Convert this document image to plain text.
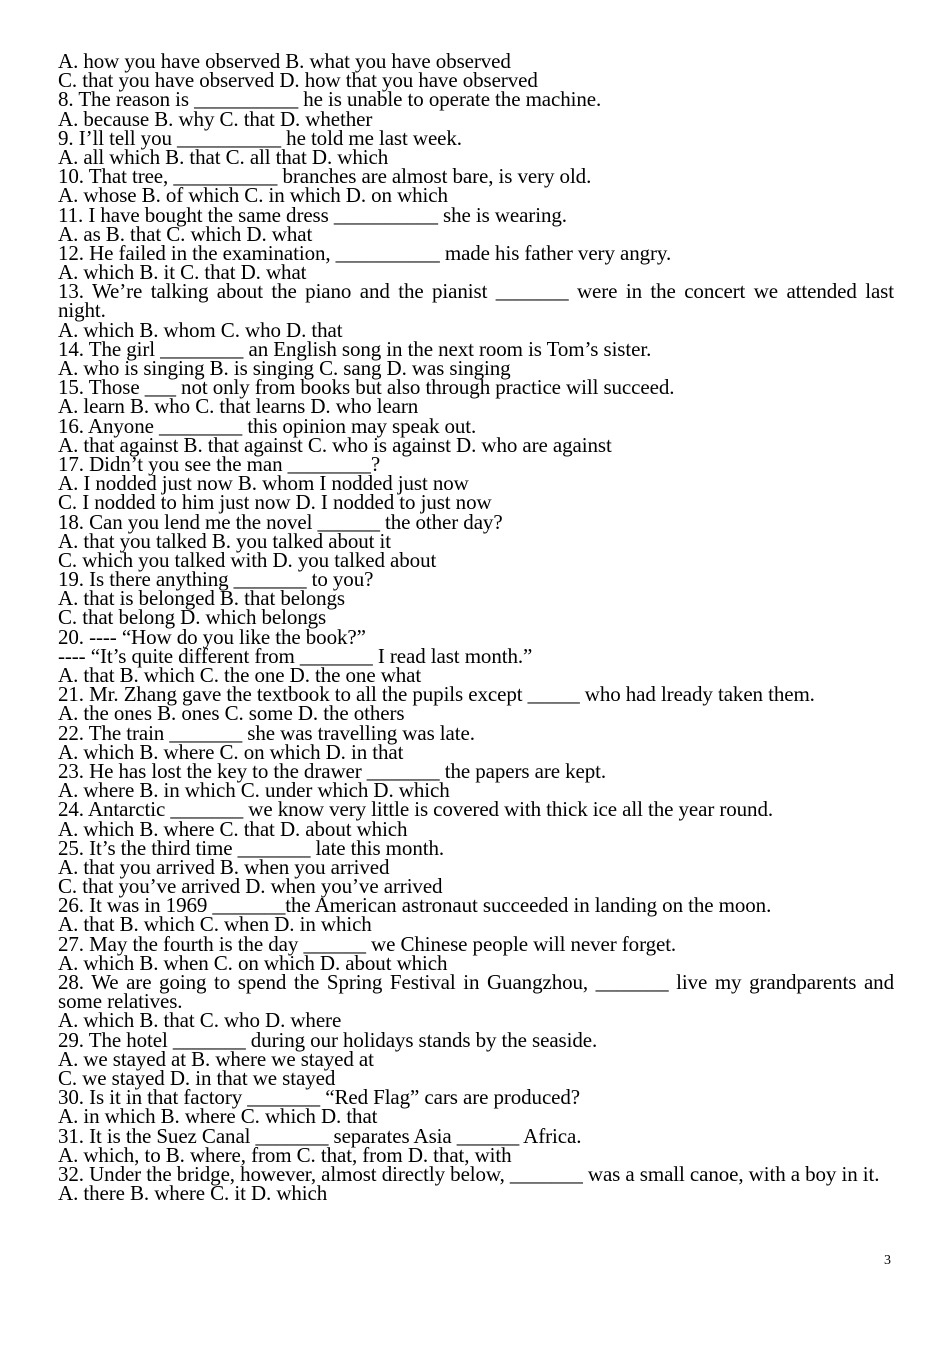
A. how you have observed B. what you have observed
C. that you have observed D. how that you have observed
8. The reason is __________ he is unable to operate the machine.
A. because B. why C. that D. whether
9. I’ll tell you __________ he told me last week.
A. all which B. that C. all that D. which
10. That tree, __________ branches are almost bare, is very old.
A. whose B. of which C. in which D. on which
11. I have bought the same dress __________ she is wearing.
A. as B. that C. which D. what
12. He failed in the examination, __________ made his father very angry.
A. which B. it C. that D. what
13. We’re talking about the piano and the pianist _______ were in the concert we attended last night.
A. which B. whom C. who D. that
14. The girl ________ an English song in the next room is Tom’s sister.
A. who is singing B. is singing C. sang D. was singing
15. Those ___ not only from books but also through practice will succeed.
A. learn B. who C. that learns D. who learn
16. Anyone ________ this opinion may speak out.
A. that against B. that against C. who is against D. who are against
17. Didn’t you see the man ________?
A. I nodded just now B. whom I nodded just now
C. I nodded to him just now D. I nodded to just now
18. Can you lend me the novel ______ the other day?
A. that you talked B. you talked about it
C. which you talked with D. you talked about
19. Is there anything _______ to you?
A. that is belonged B. that belongs
C. that belong D. which belongs
20. ---- “How do you like the book?”
---- “It’s quite different from _______ I read last month.”
A. that B. which C. the one D. the one what
21. Mr. Zhang gave the textbook to all the pupils except _____ who had lready taken them.
A. the ones B. ones C. some D. the others
22. The train _______ she was travelling was late.
A. which B. where C. on which D. in that
23. He has lost the key to the drawer _______ the papers are kept.
A. where B. in which C. under which D. which
24. Antarctic _______ we know very little is covered with thick ice all the year round.
A. which B. where C. that D. about which
25. It’s the third time _______ late this month.
A. that you arrived B. when you arrived
C. that you’ve arrived D. when you’ve arrived
26. It was in 1969 _______the American astronaut succeeded in landing on the moon.
A. that B. which C. when D. in which
27. May the fourth is the day ______ we Chinese people will never forget.
A. which B. when C. on which D. about which
28. We are going to spend the Spring Festival in Guangzhou, _______ live my grandparents and some relatives.
A. which B. that C. who D. where
29. The hotel _______ during our holidays stands by the seaside.
A. we stayed at B. where we stayed at
C. we stayed D. in that we stayed
30. Is it in that factory _______ “Red Flag” cars are produced?
A. in which B. where C. which D. that
31. It is the Suez Canal _______ separates Asia ______ Africa.
A. which, to B. where, from C. that, from D. that, with
32. Under the bridge, however, almost directly below, _______ was a small canoe, with a boy in it.
A. there B. where C. it D. which
3
